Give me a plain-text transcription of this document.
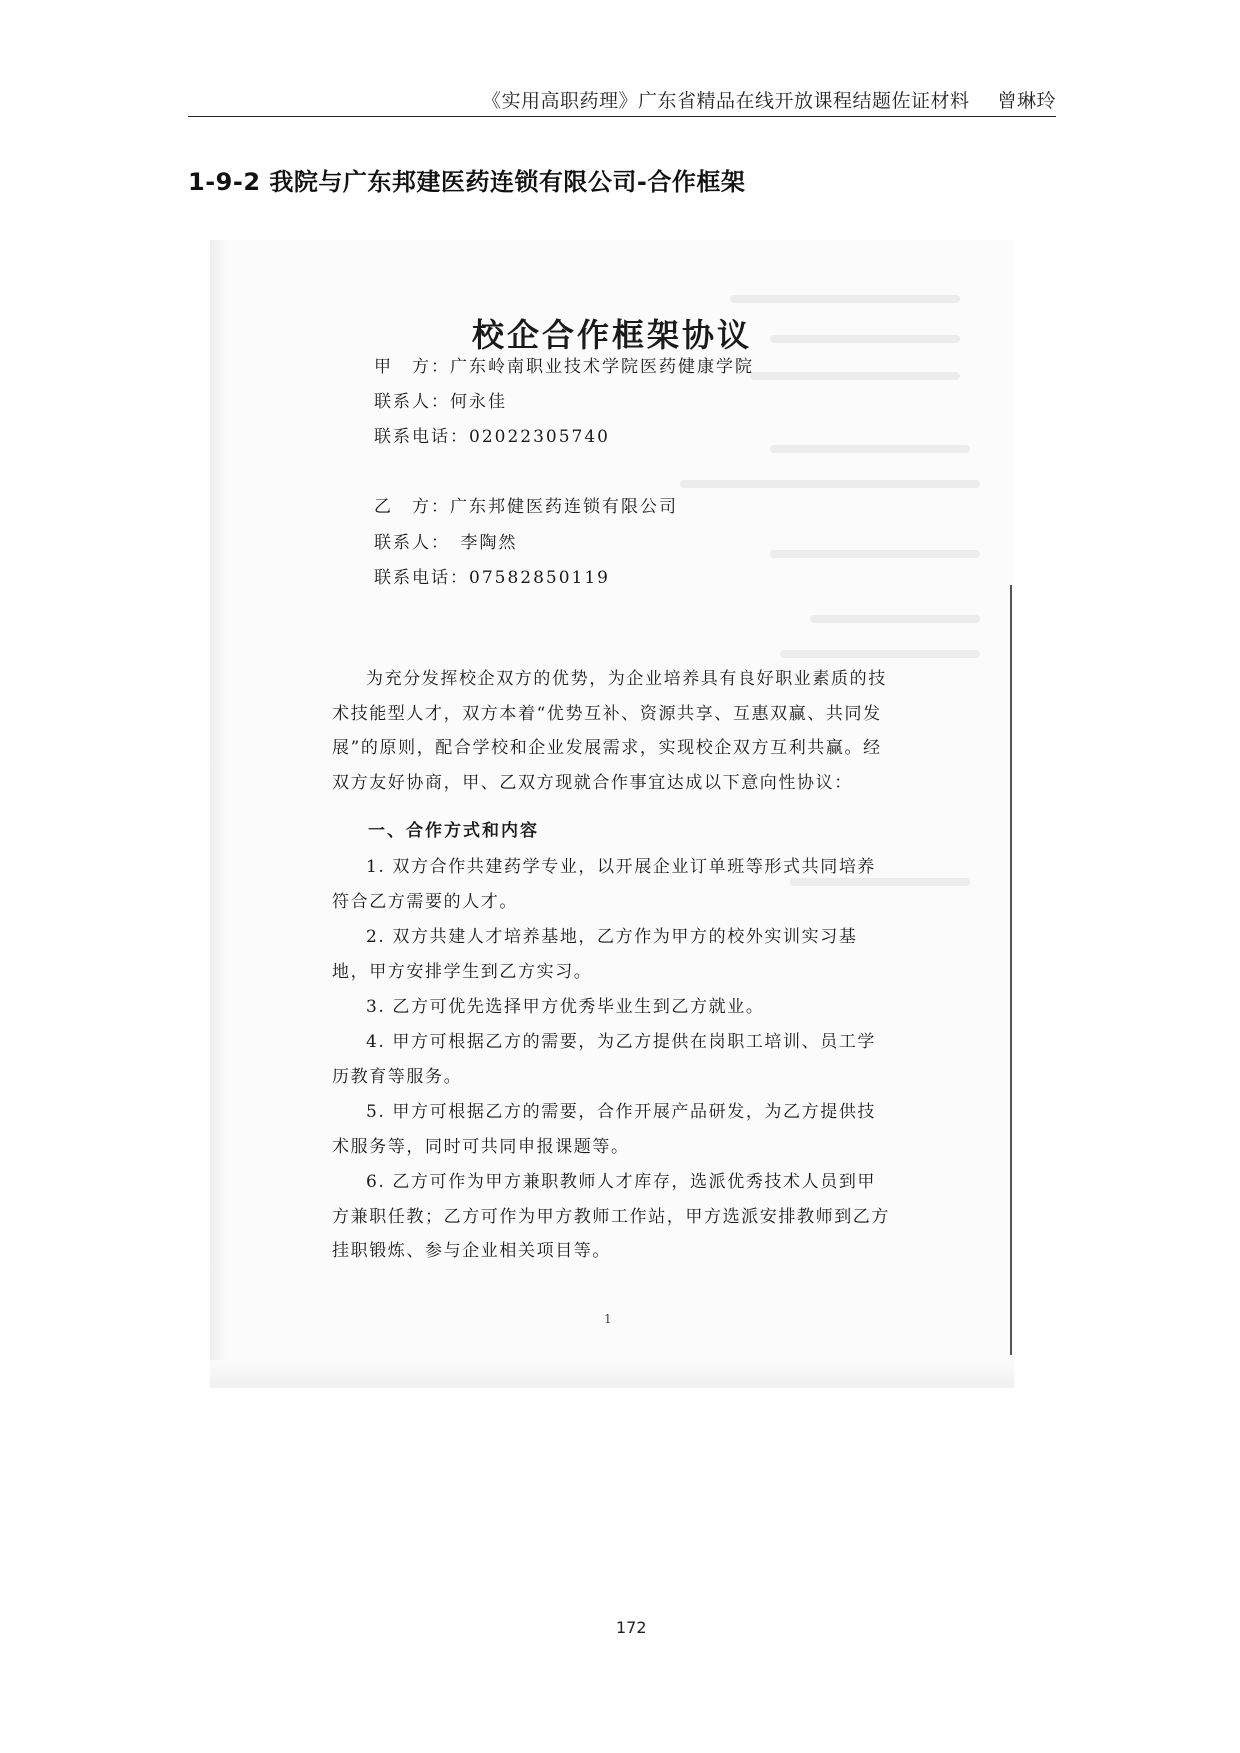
《实用高职药理》广东省精品在线开放课程结题佐证材料 曾琳玲
1-9-2 我院与广东邦建医药连锁有限公司-合作框架
校企合作框架协议
甲　方：广东岭南职业技术学院医药健康学院
联系人：何永佳
联系电话：02022305740
乙　方：广东邦健医药连锁有限公司
联系人：　李陶然
联系电话：07582850119

为充分发挥校企双方的优势，为企业培养具有良好职业素质的技术技能型人才，双方本着“优势互补、资源共享、互惠双赢、共同发展”的原则，配合学校和企业发展需求，实现校企双方互利共赢。经双方友好协商，甲、乙双方现就合作事宜达成以下意向性协议：

一、合作方式和内容

1. 双方合作共建药学专业，以开展企业订单班等形式共同培养符合乙方需要的人才。

2. 双方共建人才培养基地，乙方作为甲方的校外实训实习基地，甲方安排学生到乙方实习。

3. 乙方可优先选择甲方优秀毕业生到乙方就业。

4. 甲方可根据乙方的需要，为乙方提供在岗职工培训、员工学历教育等服务。

5. 甲方可根据乙方的需要，合作开展产品研发，为乙方提供技术服务等，同时可共同申报课题等。

6. 乙方可作为甲方兼职教师人才库存，选派优秀技术人员到甲方兼职任教；乙方可作为甲方教师工作站，甲方选派安排教师到乙方挂职锻炼、参与企业相关项目等。

1
172
